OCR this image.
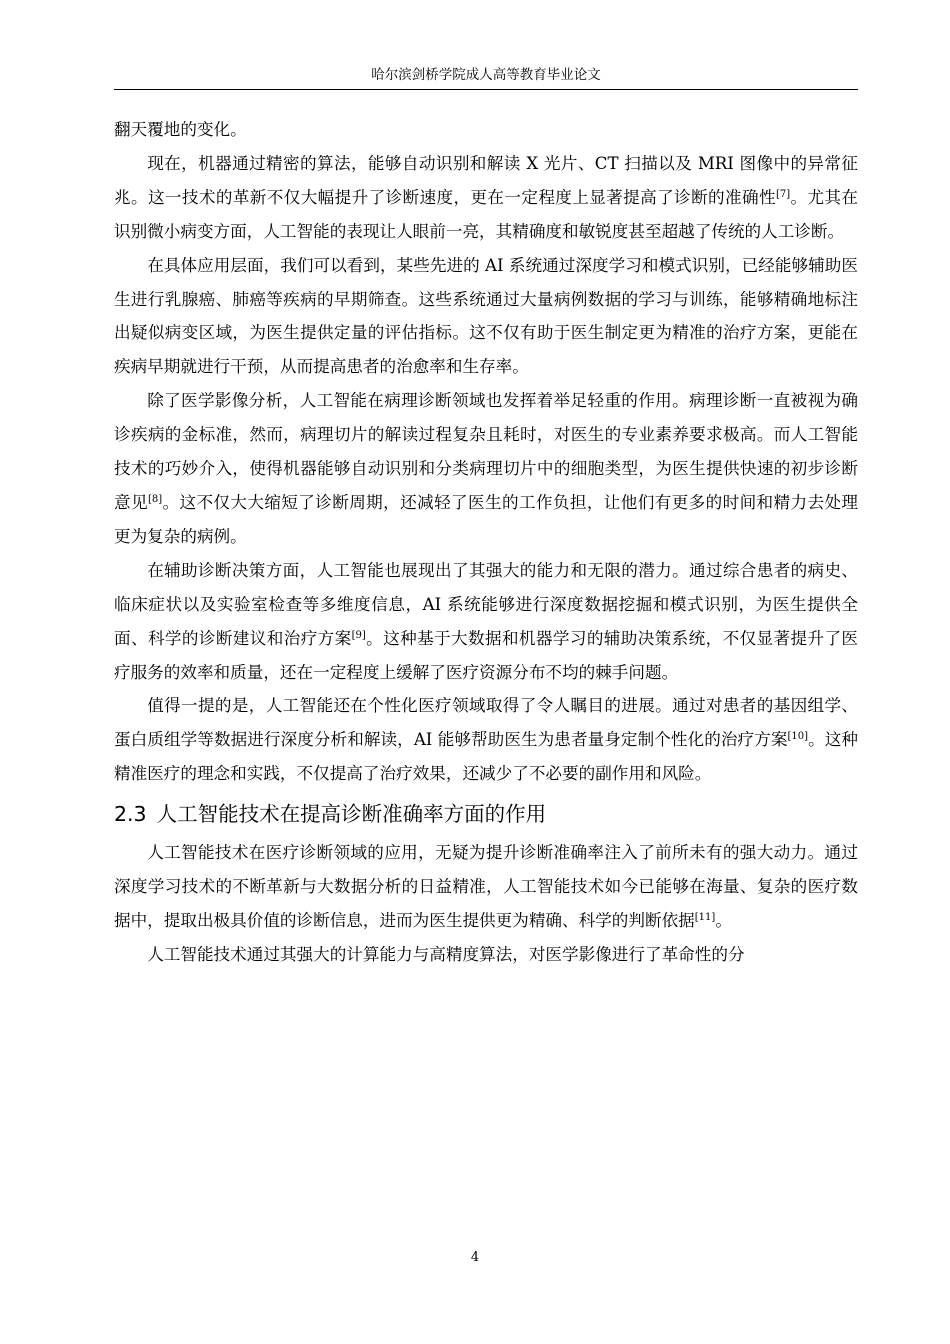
哈尔滨剑桥学院成人高等教育毕业论文

翻天覆地的变化。

现在，机器通过精密的算法，能够自动识别和解读 X 光片、CT 扫描以及 MRI 图像中的异常征兆。这一技术的革新不仅大幅提升了诊断速度，更在一定程度上显著提高了诊断的准确性[7]。尤其在识别微小病变方面，人工智能的表现让人眼前一亮，其精确度和敏锐度甚至超越了传统的人工诊断。

在具体应用层面，我们可以看到，某些先进的 AI 系统通过深度学习和模式识别，已经能够辅助医生进行乳腺癌、肺癌等疾病的早期筛查。这些系统通过大量病例数据的学习与训练，能够精确地标注出疑似病变区域，为医生提供定量的评估指标。这不仅有助于医生制定更为精准的治疗方案，更能在疾病早期就进行干预，从而提高患者的治愈率和生存率。

除了医学影像分析，人工智能在病理诊断领域也发挥着举足轻重的作用。病理诊断一直被视为确诊疾病的金标准，然而，病理切片的解读过程复杂且耗时，对医生的专业素养要求极高。而人工智能技术的巧妙介入，使得机器能够自动识别和分类病理切片中的细胞类型，为医生提供快速的初步诊断意见[8]。这不仅大大缩短了诊断周期，还减轻了医生的工作负担，让他们有更多的时间和精力去处理更为复杂的病例。

在辅助诊断决策方面，人工智能也展现出了其强大的能力和无限的潜力。通过综合患者的病史、临床症状以及实验室检查等多维度信息，AI 系统能够进行深度数据挖掘和模式识别，为医生提供全面、科学的诊断建议和治疗方案[9]。这种基于大数据和机器学习的辅助决策系统，不仅显著提升了医疗服务的效率和质量，还在一定程度上缓解了医疗资源分布不均的棘手问题。

值得一提的是，人工智能还在个性化医疗领域取得了令人瞩目的进展。通过对患者的基因组学、蛋白质组学等数据进行深度分析和解读，AI 能够帮助医生为患者量身定制个性化的治疗方案[10]。这种精准医疗的理念和实践，不仅提高了治疗效果，还减少了不必要的副作用和风险。

2.3 人工智能技术在提高诊断准确率方面的作用

人工智能技术在医疗诊断领域的应用，无疑为提升诊断准确率注入了前所未有的强大动力。通过深度学习技术的不断革新与大数据分析的日益精准，人工智能技术如今已能够在海量、复杂的医疗数据中，提取出极具价值的诊断信息，进而为医生提供更为精确、科学的判断依据[11]。

人工智能技术通过其强大的计算能力与高精度算法，对医学影像进行了革命性的分

4
